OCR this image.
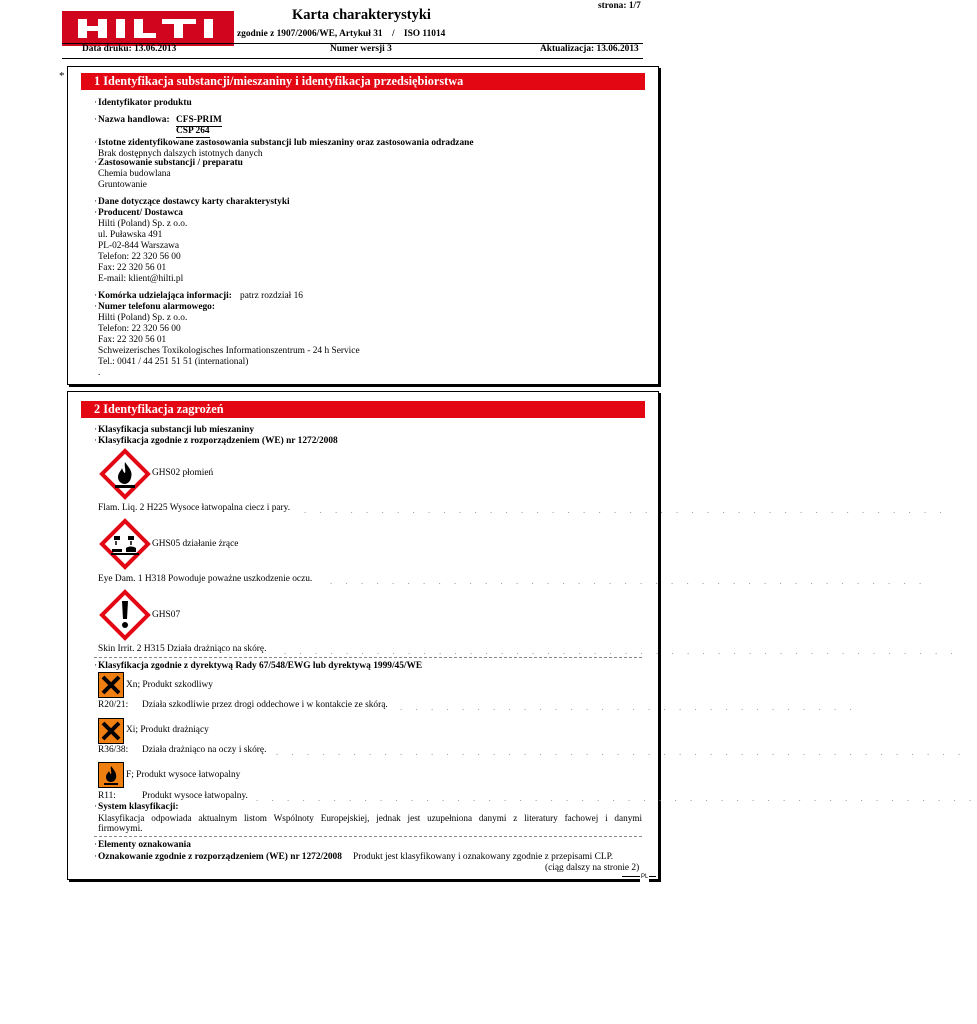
strona: 1/7
Karta charakterystyki
zgodnie z 1907/2006/WE, Artykuł 31    /    ISO 11014
Data druku: 13.06.2013	Numer wersji 3	Aktualizacja: 13.06.2013
*	1 Identyfikacja substancji/mieszaniny i identyfikacja przedsiębiorstwa
· Identyfikator produktu
· Nazwa handlowa: CFS-PRIM
CSP 264
· Istotne zidentyfikowane zastosowania substancji lub mieszaniny oraz zastosowania odradzane
Brak dostępnych dalszych istotnych danych
· Zastosowanie substancji / preparatu
Chemia budowlana
Gruntowanie
· Dane dotyczące dostawcy karty charakterystyki
· Producent/ Dostawca
Hilti (Poland) Sp. z o.o.
ul. Puławska 491
PL-02-844 Warszawa
Telefon: 22 320 56 00
Fax: 22 320 56 01
E-mail: klient@hilti.pl
· Komórka udzielająca informacji: patrz rozdział 16
· Numer telefonu alarmowego:
Hilti (Poland) Sp. z o.o.
Telefon: 22 320 56 00
Fax: 22 320 56 01
Schweizerisches Toxikologisches Informationszentrum - 24 h Service
Tel.: 0041 / 44 251 51 51 (international)
.
2 Identyfikacja zagrożeń
· Klasyfikacja substancji lub mieszaniny
· Klasyfikacja zgodnie z rozporządzeniem (WE) nr 1272/2008
GHS02 płomień
Flam. Liq. 2 H225 Wysoce łatwopalna ciecz i pary. . . . . . . . . . . . . . . . . . . . . . . . . . . . . . . . . . . . . . . . . . .
GHS05 działanie żrące
Eye Dam. 1 H318 Powoduje poważne uszkodzenie oczu. . . . . . . . . . . . . . . . . . . . . . . . . . . . . . . . . . . . . . . .
GHS07
Skin Irrit. 2 H315 Działa drażniąco na skórę. . . . . . . . . . . . . . . . . . . . . . . . . . . . . . . . . . . . . . . . . . . . .
· Klasyfikacja zgodnie z dyrektywą Rady 67/548/EWG lub dyrektywą 1999/45/WE
Xn; Produkt szkodliwy
R20/21: Działa szkodliwie przez drogi oddechowe i w kontakcie ze skórą. . . . . . . . . . . . . . . . . . . . . . . . . . . . . . .
Xi; Produkt drażniący
R36/38: Działa drażniąco na oczy i skórę. . . . . . . . . . . . . . . . . . . . . . . . . . . . . . . . . . . . . . . . . . . . . .
F; Produkt wysoce łatwopalny
R11:	Produkt wysoce łatwopalny. . . . . . . . . . . . . . . . . . . . . . . . . . . . . . . . . . . . . . . . . . . . . . . .
· System klasyfikacji:
Klasyfikacja odpowiada aktualnym listom Wspólnoty Europejskiej, jednak jest uzupełniona danymi z literatury fachowej i danymi
firmowymi.
· Elementy oznakowania
· Oznakowanie zgodnie z rozporządzeniem (WE) nr 1272/2008 Produkt jest klasyfikowany i oznakowany zgodnie z przepisami CLP.
(ciąg dalszy na stronie 2)
PL
